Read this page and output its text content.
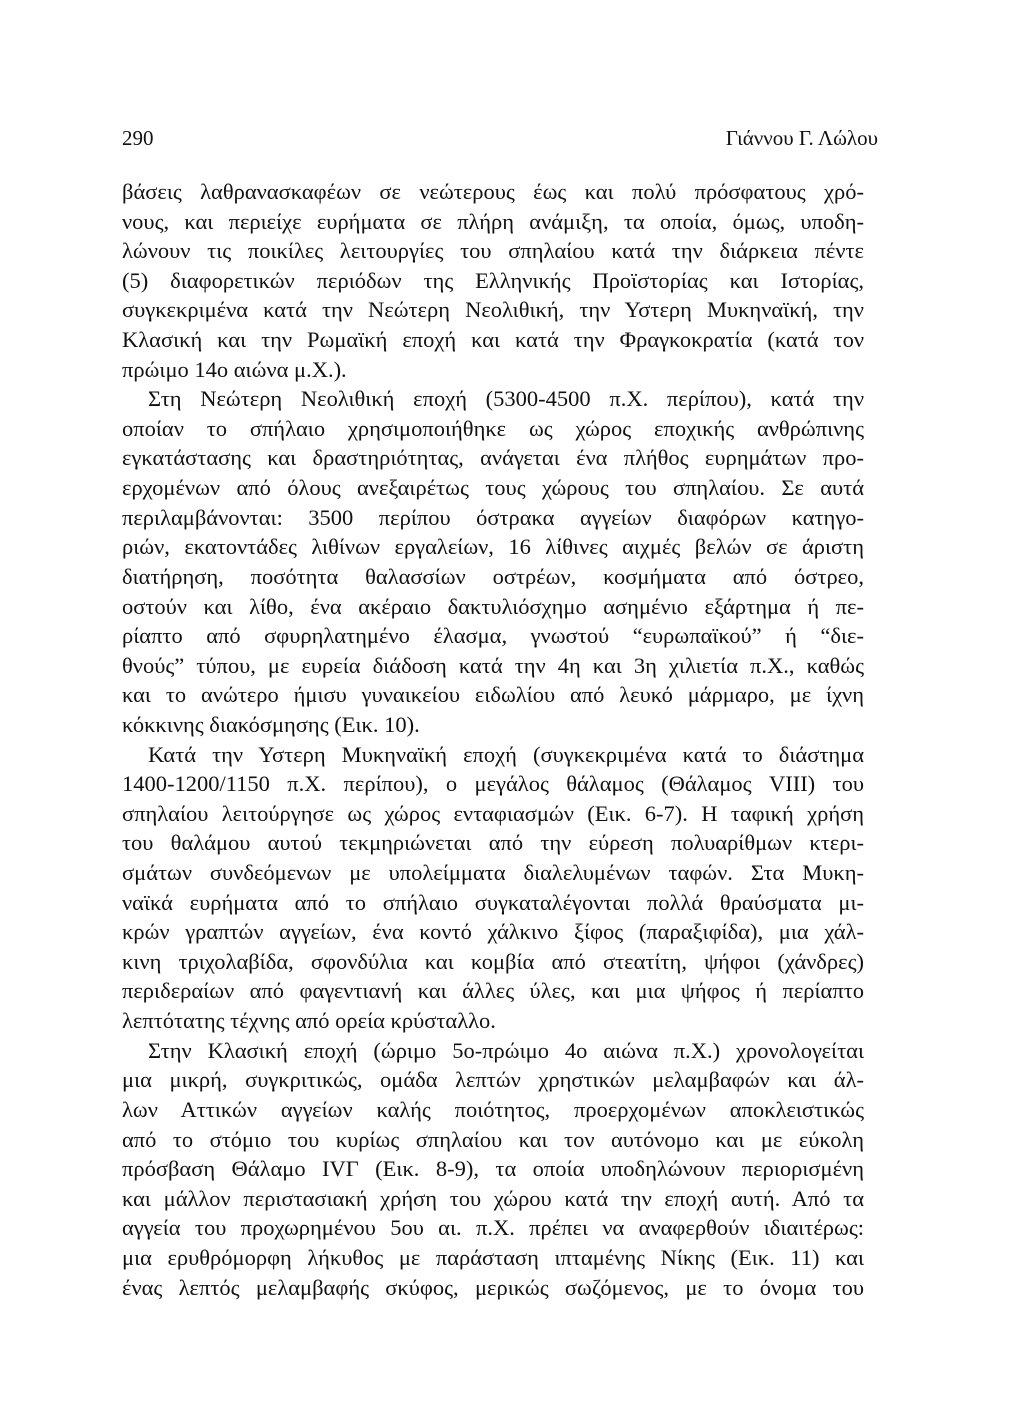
290	Γιάννου Γ. Λώλου
βάσεις λαθρανασκαφέων σε νεώτερους έως και πολύ πρόσφατους χρό-
νους, και περιείχε ευρήματα σε πλήρη ανάμιξη, τα οποία, όμως, υποδη-
λώνουν τις ποικίλες λειτουργίες του σπηλαίου κατά την διάρκεια πέντε
(5) διαφορετικών περιόδων της Ελληνικής Προϊστορίας και Ιστορίας,
συγκεκριμένα κατά την Νεώτερη Νεολιθική, την Υστερη Μυκηναϊκή, την
Κλασική και την Ρωμαϊκή εποχή και κατά την Φραγκοκρατία (κατά τον
πρώιμο 14ο αιώνα μ.Χ.).
Στη Νεώτερη Νεολιθική εποχή (5300-4500 π.Χ. περίπου), κατά την
οποίαν το σπήλαιο χρησιμοποιήθηκε ως χώρος εποχικής ανθρώπινης
εγκατάστασης και δραστηριότητας, ανάγεται ένα πλήθος ευρημάτων προ-
ερχομένων από όλους ανεξαιρέτως τους χώρους του σπηλαίου. Σε αυτά
περιλαμβάνονται: 3500 περίπου όστρακα αγγείων διαφόρων κατηγο-
ριών, εκατοντάδες λιθίνων εργαλείων, 16 λίθινες αιχμές βελών σε άριστη
διατήρηση, ποσότητα θαλασσίων οστρέων, κοσμήματα από όστρεο,
οστούν και λίθο, ένα ακέραιο δακτυλιόσχημο ασημένιο εξάρτημα ή πε-
ρίαπτο από σφυρηλατημένο έλασμα, γνωστού “ευρωπαϊκού” ή “διε-
θνούς” τύπου, με ευρεία διάδοση κατά την 4η και 3η χιλιετία π.Χ., καθώς
και το ανώτερο ήμισυ γυναικείου ειδωλίου από λευκό μάρμαρο, με ίχνη
κόκκινης διακόσμησης (Εικ. 10).
Κατά την Υστερη Μυκηναϊκή εποχή (συγκεκριμένα κατά το διάστημα
1400-1200/1150 π.Χ. περίπου), ο μεγάλος θάλαμος (Θάλαμος VIII) του
σπηλαίου λειτούργησε ως χώρος ενταφιασμών (Εικ. 6-7). Η ταφική χρήση
του θαλάμου αυτού τεκμηριώνεται από την εύρεση πολυαρίθμων κτερι-
σμάτων συνδεόμενων με υπολείμματα διαλελυμένων ταφών. Στα Μυκη-
ναϊκά ευρήματα από το σπήλαιο συγκαταλέγονται πολλά θραύσματα μι-
κρών γραπτών αγγείων, ένα κοντό χάλκινο ξίφος (παραξιφίδα), μια χάλ-
κινη τριχολαβίδα, σφονδύλια και κομβία από στεατίτη, ψήφοι (χάνδρες)
περιδεραίων από φαγεντιανή και άλλες ύλες, και μια ψήφος ή περίαπτο
λεπτότατης τέχνης από ορεία κρύσταλλο.
Στην Κλασική εποχή (ώριμο 5ο-πρώιμο 4ο αιώνα π.Χ.) χρονολογείται
μια μικρή, συγκριτικώς, ομάδα λεπτών χρηστικών μελαμβαφών και άλ-
λων Αττικών αγγείων καλής ποιότητος, προερχομένων αποκλειστικώς
από το στόμιο του κυρίως σπηλαίου και τον αυτόνομο και με εύκολη
πρόσβαση Θάλαμο ΙVΓ (Εικ. 8-9), τα οποία υποδηλώνουν περιορισμένη
και μάλλον περιστασιακή χρήση του χώρου κατά την εποχή αυτή. Από τα
αγγεία του προχωρημένου 5ου αι. π.Χ. πρέπει να αναφερθούν ιδιαιτέρως:
μια ερυθρόμορφη λήκυθος με παράσταση ιπταμένης Νίκης (Εικ. 11) και
ένας λεπτός μελαμβαφής σκύφος, μερικώς σωζόμενος, με το όνομα του
